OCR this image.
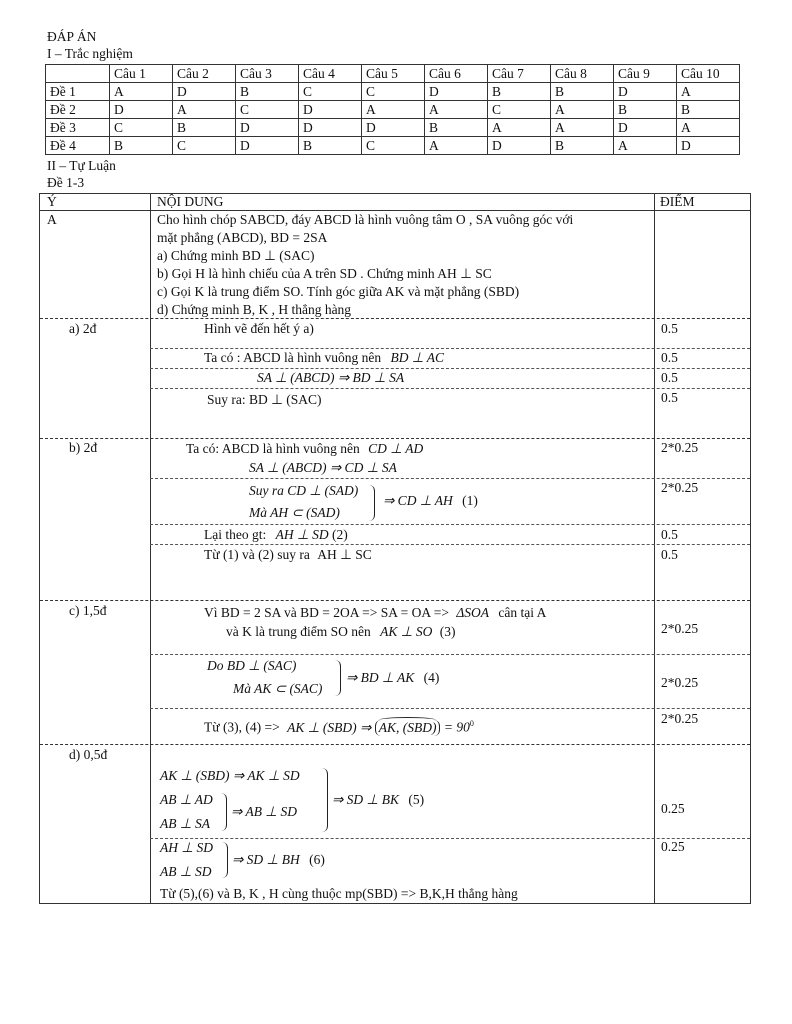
ĐÁP ÁN
I – Trắc nghiệm
	Câu 1	Câu 2	Câu 3	Câu 4	Câu 5	Câu 6	Câu 7	Câu 8	Câu 9	Câu 10
Đề 1	A	D	B	C	C	D	B	B	D	A
Đề 2	D	A	C	D	A	A	C	A	B	B
Đề 3	C	B	D	D	D	B	A	A	D	A
Đề 4	B	C	D	B	C	A	D	B	A	D
II – Tự Luận
Đề 1-3
Ý	NỘI DUNG	ĐIỂM
A	Cho hình chóp SABCD, đáy ABCD là hình vuông tâm O , SA vuông góc với
mặt phẳng (ABCD), BD = 2SA
a) Chứng minh BD ⊥ (SAC)
b) Gọi H là hình chiếu của A trên SD . Chứng minh AH ⊥ SC
c) Gọi K là trung điểm SO. Tính góc giữa AK và mặt phẳng (SBD)
d) Chứng minh B, K , H thẳng hàng
a) 2đ	Hình vẽ đến hết ý a)	0.5
Ta có : ABCD là hình vuông nên BD ⊥ AC	0.5
SA ⊥ (ABCD) ⇒ BD ⊥ SA	0.5
Suy ra: BD ⊥ (SAC)	0.5
b) 2đ	Ta có: ABCD là hình vuông nên CD ⊥ AD	2*0.25
SA ⊥ (ABCD) ⇒ CD ⊥ SA
Suy ra CD ⊥ (SAD)
Mà AH ⊂ (SAD)
⇒ CD ⊥ AH (1)
2*0.25
Lại theo gt: AH ⊥ SD (2)	0.5
Từ (1) và (2) suy ra AH ⊥ SC	0.5
c) 1,5đ	Vì BD = 2 SA và BD = 2OA => SA = OA => ΔSOA cân tại A
và K là trung điểm SO nên AK ⊥ SO (3)	2*0.25
Do BD ⊥ (SAC)
Mà AK ⊂ (SAC)
⇒ BD ⊥ AK (4)	2*0.25
Từ (3), (4) => AK ⊥ (SBD) ⇒ AK, $(SBD) = 90^0$	2*0.25
d) 0,5đ
AK ⊥ (SBD) ⇒ AK ⊥ SD
AB ⊥ AD
AB ⊥ SA
⇒ AB ⊥ SD
⇒ SD ⊥ BK (5)
0.25
AH ⊥ SD
AB ⊥ SD
⇒ SD ⊥ BH (6)
0.25
Từ (5),(6) và B, K , H cùng thuộc mp(SBD) => B,K,H thẳng hàng
